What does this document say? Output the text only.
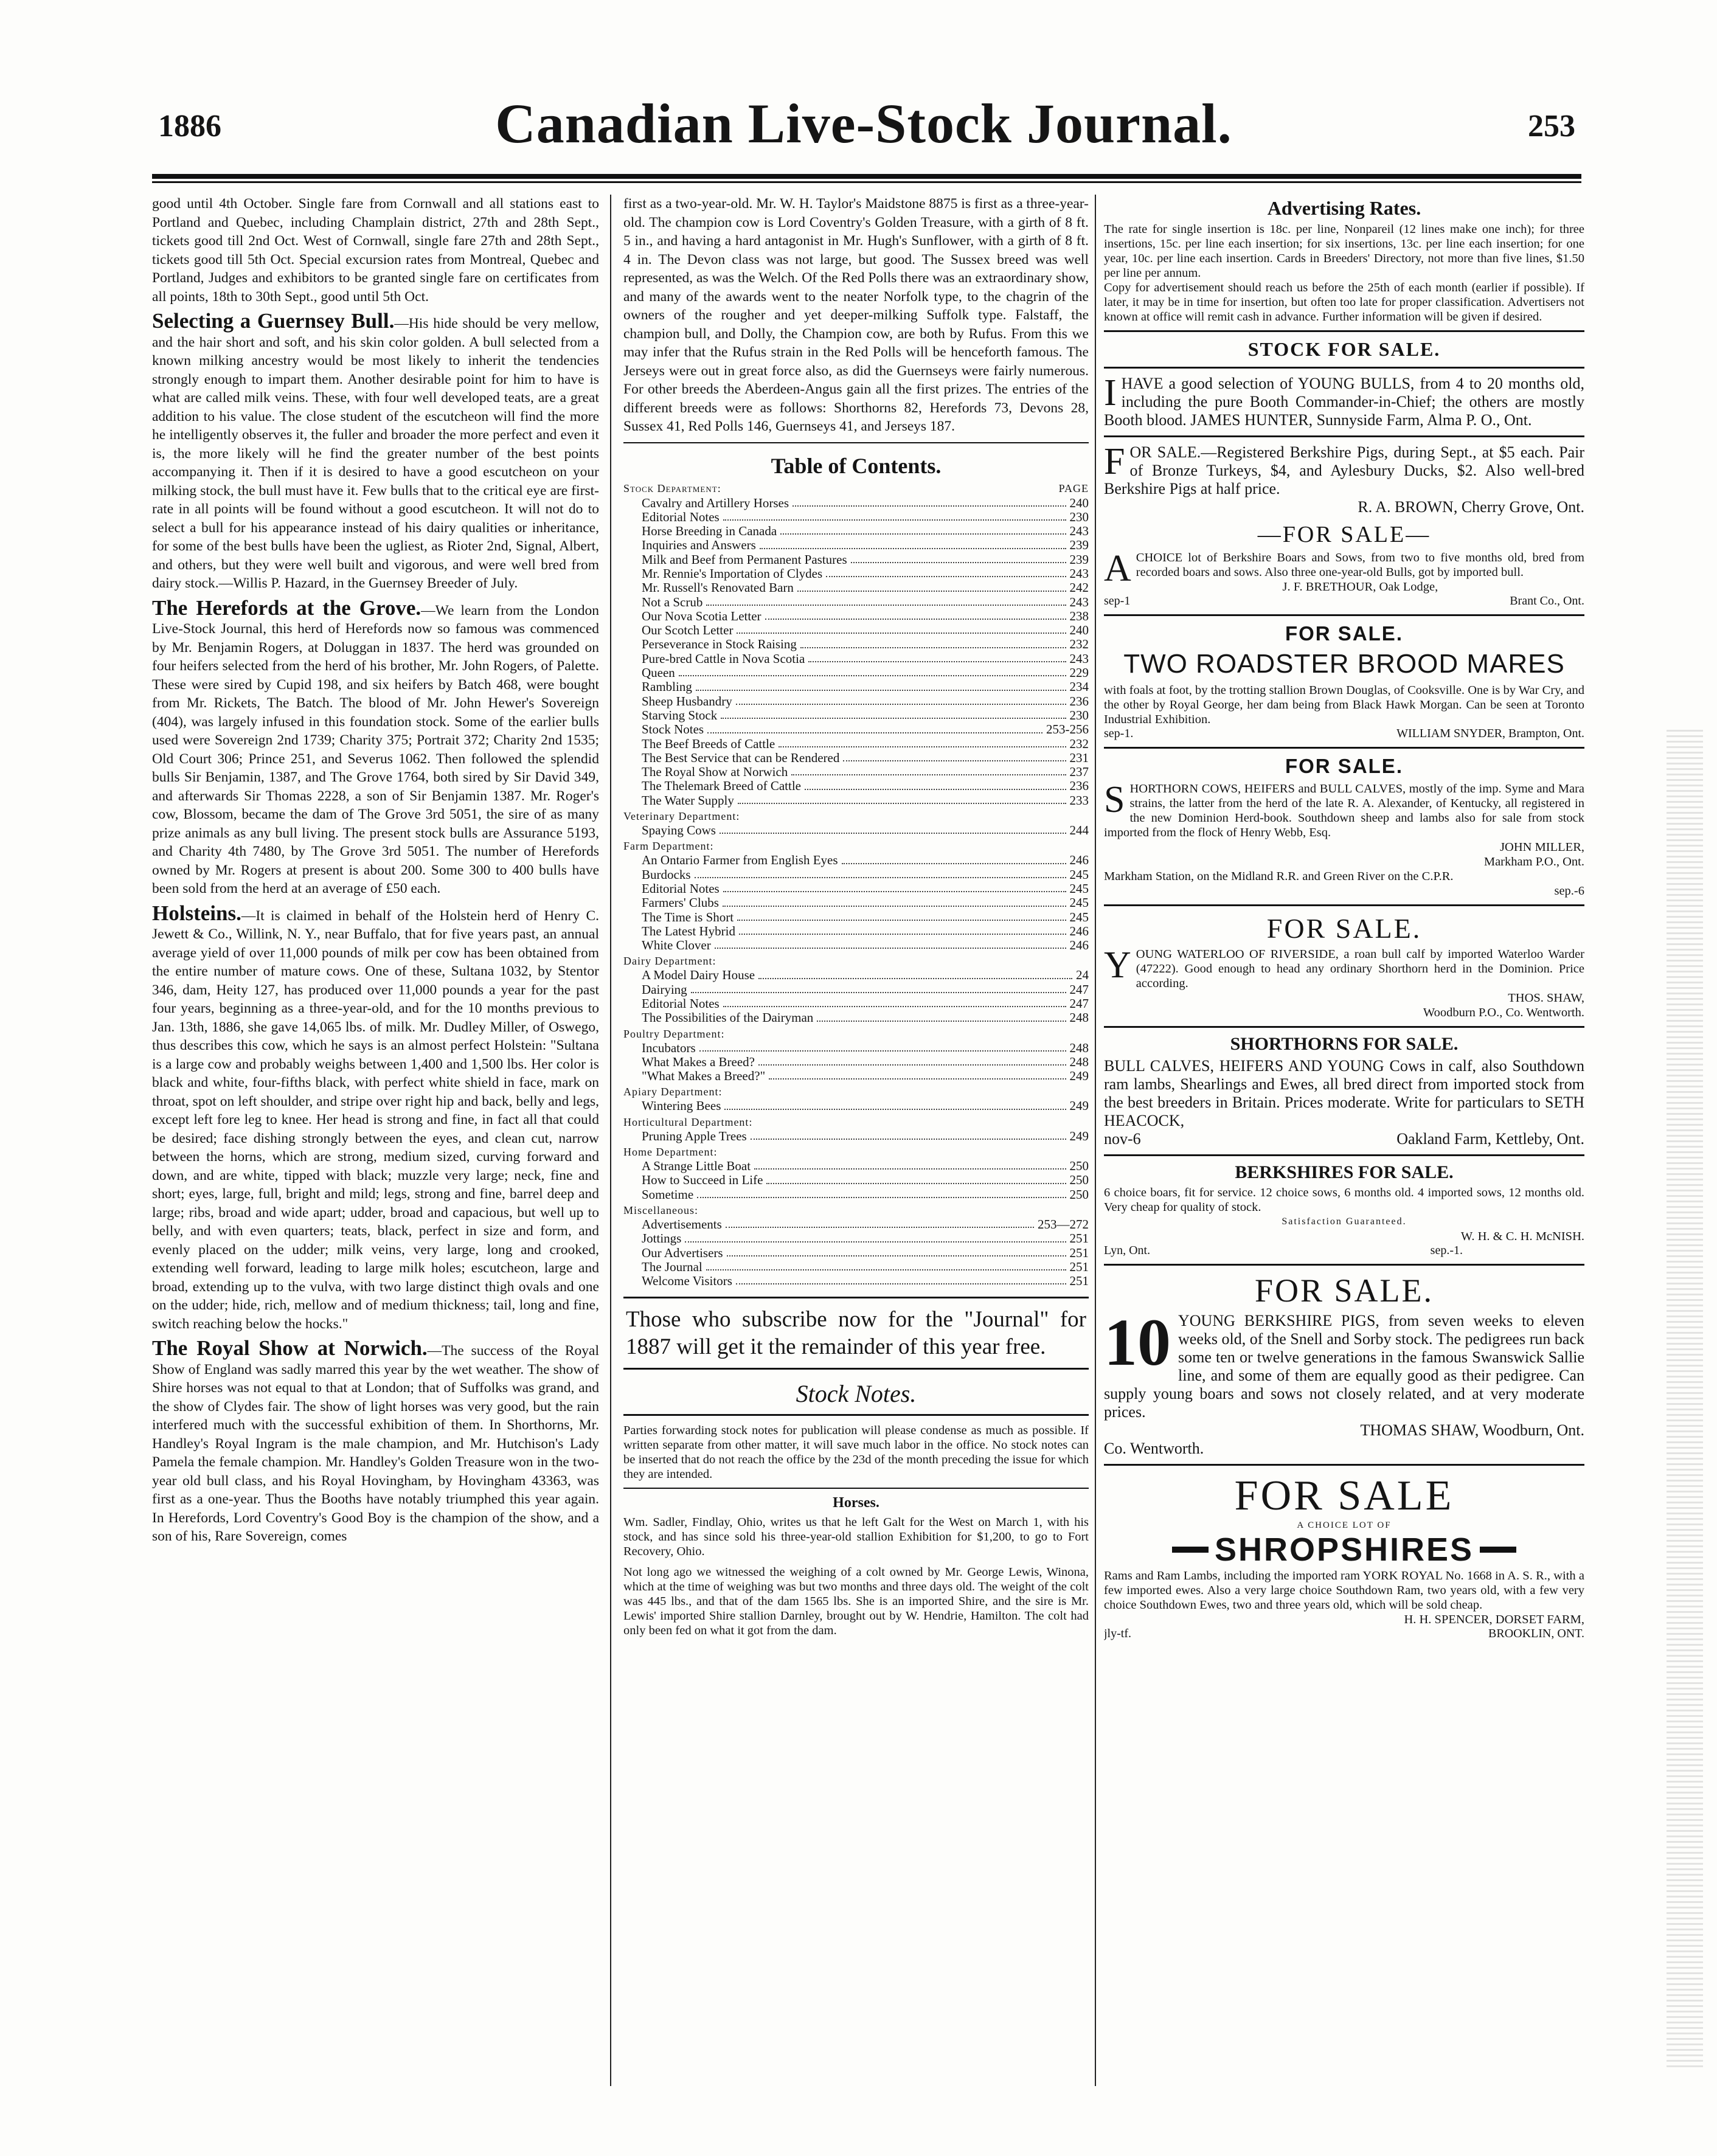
1886	Canadian Live-Stock Journal.	253

good until 4th October. Single fare from Cornwall and all stations east to Portland and Quebec, including Champlain district, 27th and 28th Sept., tickets good till 2nd Oct. West of Cornwall, single fare 27th and 28th Sept., tickets good till 5th Oct. Special excursion rates from Montreal, Quebec and Portland, Judges and exhibitors to be granted single fare on certificates from all points, 18th to 30th Sept., good until 5th Oct.

Selecting a Guernsey Bull.—His hide should be very mellow, and the hair short and soft, and his skin color golden. A bull selected from a known milking ancestry would be most likely to inherit the tendencies strongly enough to impart them. Another desirable point for him to have is what are called milk veins. These, with four well developed teats, are a great addition to his value. The close student of the escutcheon will find the more he intelligently observes it, the fuller and broader the more perfect and even it is, the more likely will he find the greater number of the best points accompanying it. Then if it is desired to have a good escutcheon on your milking stock, the bull must have it. Few bulls that to the critical eye are first-rate in all points will be found without a good escutcheon. It will not do to select a bull for his appearance instead of his dairy qualities or inheritance, for some of the best bulls have been the ugliest, as Rioter 2nd, Signal, Albert, and others, but they were well built and vigorous, and were well bred from dairy stock.—Willis P. Hazard, in the Guernsey Breeder of July.

The Herefords at the Grove.—We learn from the London Live-Stock Journal, this herd of Herefords now so famous was commenced by Mr. Benjamin Rogers, at Doluggan in 1837. The herd was grounded on four heifers selected from the herd of his brother, Mr. John Rogers, of Palette. These were sired by Cupid 198, and six heifers by Batch 468, were bought from Mr. Rickets, The Batch. The blood of Mr. John Hewer's Sovereign (404), was largely infused in this foundation stock. Some of the earlier bulls used were Sovereign 2nd 1739; Charity 375; Portrait 372; Charity 2nd 1535; Old Court 306; Prince 251, and Severus 1062. Then followed the splendid bulls Sir Benjamin, 1387, and The Grove 1764, both sired by Sir David 349, and afterwards Sir Thomas 2228, a son of Sir Benjamin 1387. Mr. Roger's cow, Blossom, became the dam of The Grove 3rd 5051, the sire of as many prize animals as any bull living. The present stock bulls are Assurance 5193, and Charity 4th 7480, by The Grove 3rd 5051. The number of Herefords owned by Mr. Rogers at present is about 200. Some 300 to 400 bulls have been sold from the herd at an average of £50 each.

Holsteins.—It is claimed in behalf of the Holstein herd of Henry C. Jewett & Co., Willink, N. Y., near Buffalo, that for five years past, an annual average yield of over 11,000 pounds of milk per cow has been obtained from the entire number of mature cows. One of these, Sultana 1032, by Stentor 346, dam, Heity 127, has produced over 11,000 pounds a year for the past four years, beginning as a three-year-old, and for the 10 months previous to Jan. 13th, 1886, she gave 14,065 lbs. of milk. Mr. Dudley Miller, of Oswego, thus describes this cow, which he says is an almost perfect Holstein: "Sultana is a large cow and probably weighs between 1,400 and 1,500 lbs. Her color is black and white, four-fifths black, with perfect white shield in face, mark on throat, spot on left shoulder, and stripe over right hip and back, belly and legs, except left fore leg to knee. Her head is strong and fine, in fact all that could be desired; face dishing strongly between the eyes, and clean cut, narrow between the horns, which are strong, medium sized, curving forward and down, and are white, tipped with black; muzzle very large; neck, fine and short; eyes, large, full, bright and mild; legs, strong and fine, barrel deep and large; ribs, broad and wide apart; udder, broad and capacious, but well up to belly, and with even quarters; teats, black, perfect in size and form, and evenly placed on the udder; milk veins, very large, long and crooked, extending well forward, leading to large milk holes; escutcheon, large and broad, extending up to the vulva, with two large distinct thigh ovals and one on the udder; hide, rich, mellow and of medium thickness; tail, long and fine, switch reaching below the hocks."

The Royal Show at Norwich.—The success of the Royal Show of England was sadly marred this year by the wet weather. The show of Shire horses was not equal to that at London; that of Suffolks was grand, and the show of Clydes fair. The show of light horses was very good, but the rain interfered much with the successful exhibition of them. In Shorthorns, Mr. Handley's Royal Ingram is the male champion, and Mr. Hutchison's Lady Pamela the female champion. Mr. Handley's Golden Treasure won in the two-year old bull class, and his Royal Hovingham, by Hovingham 43363, was first as a one-year. Thus the Booths have notably triumphed this year again. In Herefords, Lord Coventry's Good Boy is the champion of the show, and a son of his, Rare Sovereign, comes

first as a two-year-old. Mr. W. H. Taylor's Maidstone 8875 is first as a three-year-old. The champion cow is Lord Coventry's Golden Treasure, with a girth of 8 ft. 5 in., and having a hard antagonist in Mr. Hugh's Sunflower, with a girth of 8 ft. 4 in. The Devon class was not large, but good. The Sussex breed was well represented, as was the Welch. Of the Red Polls there was an extraordinary show, and many of the awards went to the neater Norfolk type, to the chagrin of the owners of the rougher and yet deeper-milking Suffolk type. Falstaff, the champion bull, and Dolly, the Champion cow, are both by Rufus. From this we may infer that the Rufus strain in the Red Polls will be henceforth famous. The Jerseys were out in great force also, as did the Guernseys were fairly numerous. For other breeds the Aberdeen-Angus gain all the first prizes. The entries of the different breeds were as follows: Shorthorns 82, Herefords 73, Devons 28, Sussex 41, Red Polls 146, Guernseys 41, and Jerseys 187.

Table of Contents.
Stock Department:	PAGE
Cavalry and Artillery Horses	240
Editorial Notes	230
Horse Breeding in Canada	243
Inquiries and Answers	239
Milk and Beef from Permanent Pastures	239
Mr. Rennie's Importation of Clydes	243
Mr. Russell's Renovated Barn	242
Not a Scrub	243
Our Nova Scotia Letter	238
Our Scotch Letter	240
Perseverance in Stock Raising	232
Pure-bred Cattle in Nova Scotia	243
Queen	229
Rambling	234
Sheep Husbandry	236
Starving Stock	230
Stock Notes	253-256
The Beef Breeds of Cattle	232
The Best Service that can be Rendered	231
The Royal Show at Norwich	237
The Thelemark Breed of Cattle	236
The Water Supply	233
Veterinary Department:
Spaying Cows	244
Farm Department:
An Ontario Farmer from English Eyes	246
Burdocks	245
Editorial Notes	245
Farmers' Clubs	245
The Time is Short	245
The Latest Hybrid	246
White Clover	246
Dairy Department:
A Model Dairy House	24
Dairying	247
Editorial Notes	247
The Possibilities of the Dairyman	248
Poultry Department:
Incubators	248
What Makes a Breed?	248
"What Makes a Breed?"	249
Apiary Department:
Wintering Bees	249
Horticultural Department:
Pruning Apple Trees	249
Home Department:
A Strange Little Boat	250
How to Succeed in Life	250
Sometime	250
Miscellaneous:
Advertisements	253—272
Jottings	251
Our Advertisers	251
The Journal	251
Welcome Visitors	251
Those who subscribe now for the "Journal" for 1887 will get it the remainder of this year free.
Stock Notes.

Parties forwarding stock notes for publication will please condense as much as possible. If written separate from other matter, it will save much labor in the office. No stock notes can be inserted that do not reach the office by the 23d of the month preceding the issue for which they are intended.

Horses.

Wm. Sadler, Findlay, Ohio, writes us that he left Galt for the West on March 1, with his stock, and has since sold his three-year-old stallion Exhibition for $1,200, to go to Fort Recovery, Ohio.

Not long ago we witnessed the weighing of a colt owned by Mr. George Lewis, Winona, which at the time of weighing was but two months and three days old. The weight of the colt was 445 lbs., and that of the dam 1565 lbs. She is an imported Shire, and the sire is Mr. Lewis' imported Shire stallion Darnley, brought out by W. Hendrie, Hamilton. The colt had only been fed on what it got from the dam.

Advertising Rates.

The rate for single insertion is 18c. per line, Nonpareil (12 lines make one inch); for three insertions, 15c. per line each insertion; for six insertions, 13c. per line each insertion; for one year, 10c. per line each insertion. Cards in Breeders' Directory, not more than five lines, $1.50 per line per annum.

Copy for advertisement should reach us before the 25th of each month (earlier if possible). If later, it may be in time for insertion, but often too late for proper classification. Advertisers not known at office will remit cash in advance. Further information will be given if desired.

STOCK FOR SALE.
I HAVE a good selection of YOUNG BULLS, from 4 to 20 months old, including the pure Booth Commander-in-Chief; the others are mostly Booth blood. JAMES HUNTER, Sunnyside Farm, Alma P. O., Ont.

F OR SALE.—Registered Berkshire Pigs, during Sept., at $5 each. Pair of Bronze Turkeys, $4, and Aylesbury Ducks, $2. Also well-bred Berkshire Pigs at half price.

R. A. BROWN, Cherry Grove, Ont.

—FOR SALE—
A CHOICE lot of Berkshire Boars and Sows, from two to five months old, bred from recorded boars and sows. Also three one-year-old Bulls, got by imported bull.

J. F. BRETHOUR, Oak Lodge,

sep-1	Brant Co., Ont.
FOR SALE.
TWO ROADSTER BROOD MARES

with foals at foot, by the trotting stallion Brown Douglas, of Cooksville. One is by War Cry, and the other by Royal George, her dam being from Black Hawk Morgan. Can be seen at Toronto Industrial Exhibition.

sep-1.	WILLIAM SNYDER, Brampton, Ont.
FOR SALE.
S HORTHORN COWS, HEIFERS and BULL CALVES, mostly of the imp. Syme and Mara strains, the latter from the herd of the late R. A. Alexander, of Kentucky, all registered in the new Dominion Herd-book. Southdown sheep and lambs also for sale from stock imported from the flock of Henry Webb, Esq.

JOHN MILLER,

Markham P.O., Ont.

Markham Station, on the Midland R.R. and Green River on the C.P.R.

sep.-6

FOR SALE.
Y OUNG WATERLOO OF RIVERSIDE, a roan bull calf by imported Waterloo Warder (47222). Good enough to head any ordinary Shorthorn herd in the Dominion. Price according.

THOS. SHAW,

Woodburn P.O., Co. Wentworth.

SHORTHORNS FOR SALE.

BULL CALVES, HEIFERS AND YOUNG Cows in calf, also Southdown ram lambs, Shearlings and Ewes, all bred direct from imported stock from the best breeders in Britain. Prices moderate. Write for particulars to SETH HEACOCK,

nov-6	Oakland Farm, Kettleby, Ont.
BERKSHIRES FOR SALE.

6 choice boars, fit for service. 12 choice sows, 6 months old. 4 imported sows, 12 months old. Very cheap for quality of stock.

Satisfaction Guaranteed.

W. H. & C. H. McNISH.

Lyn, Ont.	sep.-1.
FOR SALE.
10 YOUNG BERKSHIRE PIGS, from seven weeks to eleven weeks old, of the Snell and Sorby stock. The pedigrees run back some ten or twelve generations in the famous Swanswick Sallie line, and some of them are equally good as their pedigree. Can supply young boars and sows not closely related, and at very moderate prices.

THOMAS SHAW, Woodburn, Ont.

Co. Wentworth.

FOR SALE
A CHOICE LOT OF
SHROPSHIRES

Rams and Ram Lambs, including the imported ram YORK ROYAL No. 1668 in A. S. R., with a few imported ewes. Also a very large choice Southdown Ram, two years old, with a few very choice Southdown Ewes, two and three years old, which will be sold cheap.

H. H. SPENCER, DORSET FARM,

jly-tf.	BROOKLIN, ONT.
